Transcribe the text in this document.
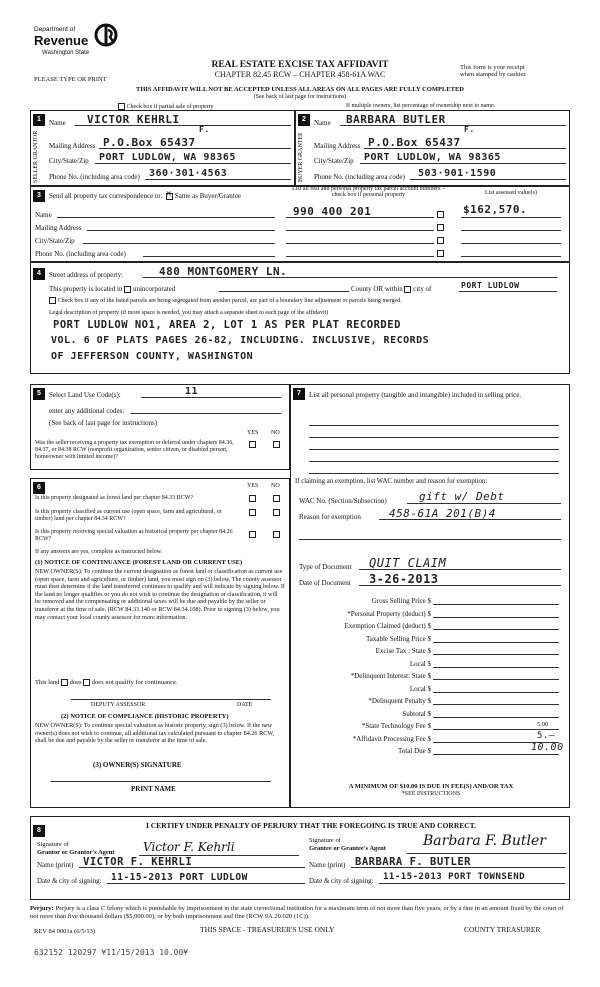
Department of
Revenue
Washington State
PLEASE TYPE OR PRINT
REAL ESTATE EXCISE TAX AFFIDAVIT
CHAPTER 82.45 RCW – CHAPTER 458-61A WAC
THIS AFFIDAVIT WILL NOT BE ACCEPTED UNLESS ALL AREAS ON ALL PAGES ARE FULLY COMPLETED
(See back of last page for instructions)
This form is your receipt
when stamped by cashier.
Check box if partial sale of property	If multiple owners, list percentage of ownership next to name.
1
SELLER GRANTOR
Name VICTOR KEHRLI
F.
Mailing Address P.O.Box 65437
City/State/Zip PORT LUDLOW, WA 98365
Phone No. (including area code) 360·301·4563
2
BUYER GRANTEE
Name BARBARA BUTLER
F.
Mailing Address P.O.Box 65437
City/State/Zip PORT LUDLOW, WA 98365
Phone No. (including area code) 503·901·1590
3	Send all property tax correspondence to: ✕ Same as Buyer/Grantee
Name
Mailing Address
City/State/Zip
Phone No. (including area code)
List all real and personal property tax parcel account numbers – check box if personal property	List assessed value(s)
990 400 201	$162,570.
4	Street address of property:	480 MONTGOMERY LN.
This property is located in unincorporated	County OR within city of	PORT LUDLOW
Check box if any of the listed parcels are being segregated from another parcel, are part of a boundary line adjustment or parcels being merged.
Legal description of property (if more space is needed, you may attach a separate sheet to each page of the affidavit)
PORT LUDLOW NO1, AREA 2, LOT 1 AS PER PLAT RECORDED
VOL. 6 OF PLATS PAGES 26-82, INCLUDING. INCLUSIVE, RECORDS
OF JEFFERSON COUNTY, WASHINGTON
5	Select Land Use Code(s):	11
enter any additional codes:
(See back of last page for instructions)
YES NO
Was the seller receiving a property tax exemption or deferral under chapters 84.36, 84.37, or 84.38 RCW (nonprofit organization, senior citizen, or disabled person, homeowner with limited income)?
6	YES NO
Is this property designated as forest land per chapter 84.33 RCW?
Is this property classified as current use (open space, farm and agricultural, or timber) land per chapter 84.34 RCW?
Is this property receiving special valuation as historical property per chapter 84.26 RCW?
If any answers are yes, complete as instructed below.
(1) NOTICE OF CONTINUANCE (FOREST LAND OR CURRENT USE)
NEW OWNER(S): To continue the current designation as forest land or classification as current use (open space, farm and agriculture, or timber) land, you must sign on (3) below. The county assessor must then determine if the land transferred continues to qualify and will indicate by signing below. If the land no longer qualifies or you do not wish to continue the designation or classification, it will be removed and the compensating or additional taxes will be due and payable by the seller or transferor at the time of sale. (RCW 84.33.140 or RCW 84.34.108). Prior to signing (3) below, you may contact your local county assessor for more information.
This land does does not qualify for continuance.
DEPUTY ASSESSOR	DATE
(2) NOTICE OF COMPLIANCE (HISTORIC PROPERTY)
NEW OWNER(S): To continue special valuation as historic property, sign (3) below. If the new owner(s) does not wish to continue, all additional tax calculated pursuant to chapter 84.26 RCW, shall be due and payable by the seller or transferor at the time of sale.
(3) OWNER(S) SIGNATURE
PRINT NAME
7	List all personal property (tangible and intangible) included in selling price.
If claiming an exemption, list WAC number and reason for exemption:
WAC No. (Section/Subsection)	gift w/ Debt
Reason for exemption	458-61A 201(B)4
Type of Document QUIT CLAIM
Date of Document 3-26-2013
Gross Selling Price $
*Personal Property (deduct) $
Exemption Claimed (deduct) $
Taxable Selling Price $
Excise Tax : State $
Local $
*Delinquent Interest: State $
Local $
*Delinquent Penalty $
Subtotal $
*State Technology Fee $	5.00
*Affidavit Processing Fee $	5.–
Total Due $	10.00
A MINIMUM OF $10.00 IS DUE IN FEE(S) AND/OR TAX
*SEE INSTRUCTIONS
8
I CERTIFY UNDER PENALTY OF PERJURY THAT THE FOREGOING IS TRUE AND CORRECT.
Signature of
Grantor or Grantor's Agent Victor F. Kehrli
Name (print) VICTOR F. KEHRLI
Date & city of signing: 11-15-2013 PORT LUDLOW
Signature of
Grantee or Grantee's Agent	Barbara F. Butler
Name (print) BARBARA F. BUTLER
Date & city of signing: 11-15-2013 PORT TOWNSEND
Perjury: Perjury is a class C felony which is punishable by imprisonment in the state correctional institution for a maximum term of not more than five years, or by a fine in an amount fixed by the court of not more than five thousand dollars ($5,000.00), or by both imprisonment and fine (RCW 9A.20.020 (1C)).
REV 84 0001a (6/5/13)	THIS SPACE - TREASURER'S USE ONLY	COUNTY TREASURER
632152 120297 ¥11/15/2013 10.00¥
